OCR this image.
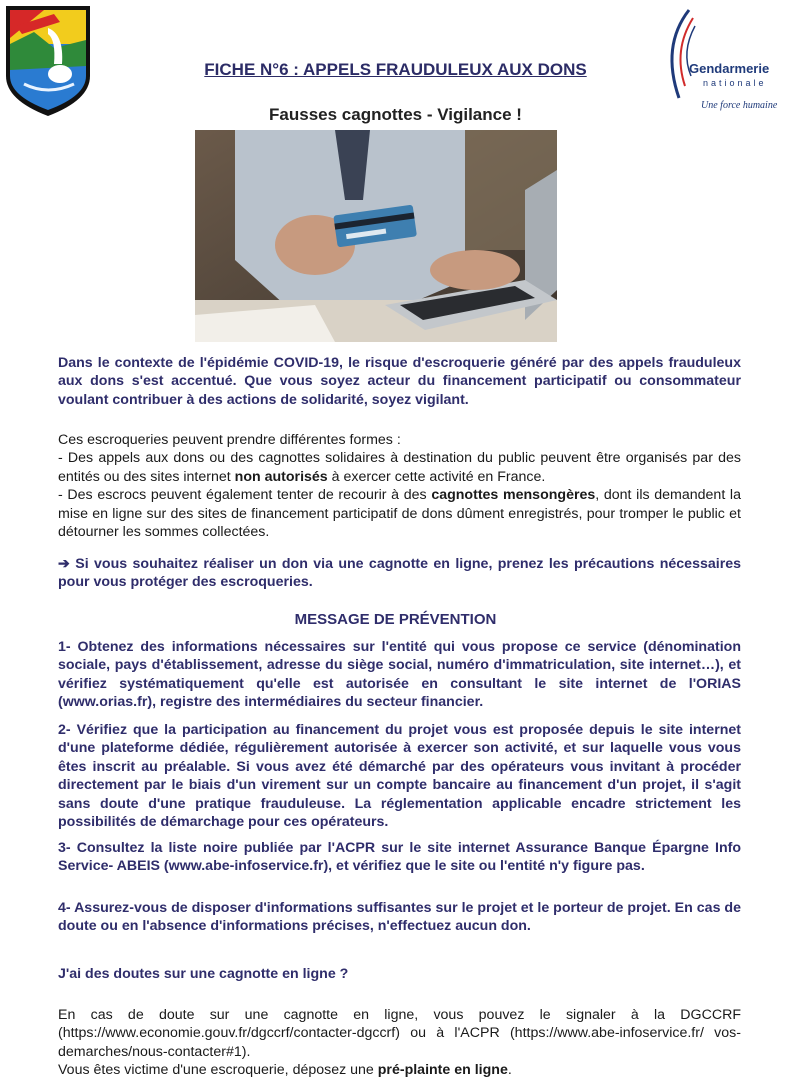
Gendarmerie
nationale
Une force humaine
FICHE N°6 : APPELS FRAUDULEUX AUX DONS
Fausses cagnottes - Vigilance !
Dans le contexte de l'épidémie COVID-19, le risque d'escroquerie généré par des appels frauduleux aux dons s'est accentué. Que vous soyez acteur du financement participatif ou consommateur voulant contribuer à des actions de solidarité, soyez vigilant.
Ces escroqueries peuvent prendre différentes formes :
- Des appels aux dons ou des cagnottes solidaires à destination du public peuvent être organisés par des entités ou des sites internet non autorisés à exercer cette activité en France.
- Des escrocs peuvent également tenter de recourir à des cagnottes mensongères, dont ils demandent la mise en ligne sur des sites de financement participatif de dons dûment enregistrés, pour tromper le public et détourner les sommes collectées.
➔ Si vous souhaitez réaliser un don via une cagnotte en ligne, prenez les précautions nécessaires pour vous protéger des escroqueries.
MESSAGE DE PRÉVENTION
1- Obtenez des informations nécessaires sur l'entité qui vous propose ce service (dénomination sociale, pays d'établissement, adresse du siège social, numéro d'immatriculation, site internet…), et vérifiez systématiquement qu'elle est autorisée en consultant le site internet de l'ORIAS (www.orias.fr), registre des intermédiaires du secteur financier.
2- Vérifiez que la participation au financement du projet vous est proposée depuis le site internet d'une plateforme dédiée, régulièrement autorisée à exercer son activité, et sur laquelle vous vous êtes inscrit au préalable. Si vous avez été démarché par des opérateurs vous invitant à procéder directement par le biais d'un virement sur un compte bancaire au financement d'un projet, il s'agit sans doute d'une pratique frauduleuse. La réglementation applicable encadre strictement les possibilités de démarchage pour ces opérateurs.
3- Consultez la liste noire publiée par l'ACPR sur le site internet Assurance Banque Épargne Info Service- ABEIS (www.abe-infoservice.fr), et vérifiez que le site ou l'entité n'y figure pas.
4- Assurez-vous de disposer d'informations suffisantes sur le projet et le porteur de projet. En cas de doute ou en l'absence d'informations précises, n'effectuez aucun don.
J'ai des doutes sur une cagnotte en ligne ?
En cas de doute sur une cagnotte en ligne, vous pouvez le signaler à la DGCCRF (https://www.economie.gouv.fr/dgccrf/contacter-dgccrf) ou à l'ACPR (https://www.abe-infoservice.fr/ vos-demarches/nous-contacter#1).
Vous êtes victime d'une escroquerie, déposez une pré-plainte en ligne.
